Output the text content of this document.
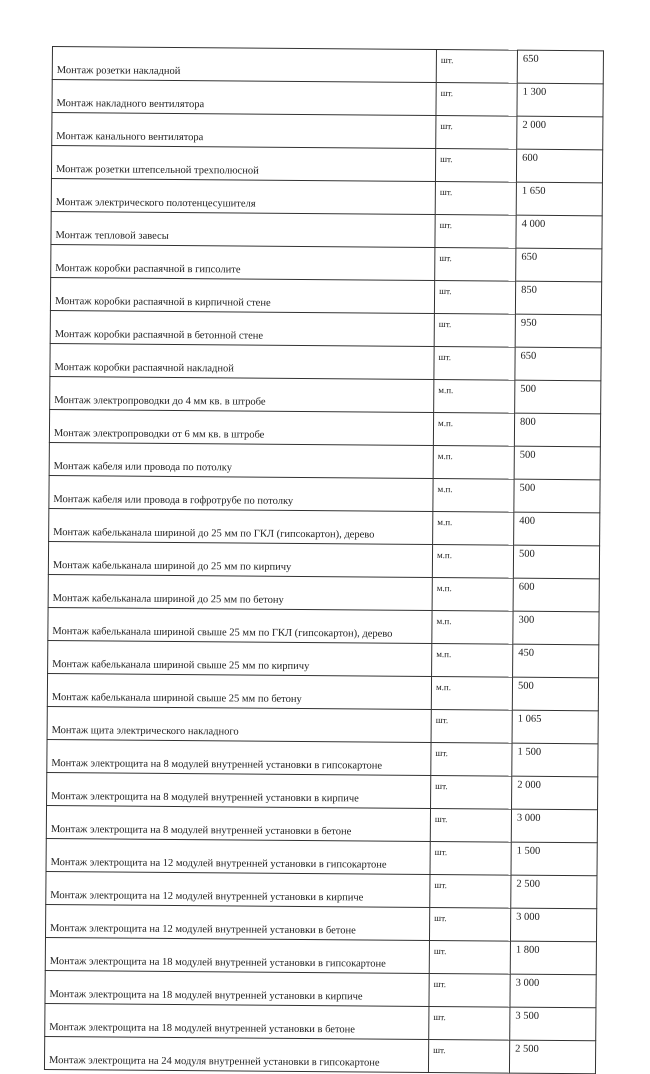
Монтаж розетки накладной	шт.	650
Монтаж накладного вентилятора	шт.	1 300
Монтаж канального вентилятора	шт.	2 000
Монтаж розетки штепсельной трехполюсной	шт.	600
Монтаж электрического полотенцесушителя	шт.	1 650
Монтаж тепловой завесы	шт.	4 000
Монтаж коробки распаячной в гипсолите	шт.	650
Монтаж коробки распаячной в кирпичной стене	шт.	850
Монтаж коробки распаячной в бетонной стене	шт.	950
Монтаж коробки распаячной накладной	шт.	650
Монтаж электропроводки до 4 мм кв. в штробе	м.п.	500
Монтаж электропроводки от 6 мм кв. в штробе	м.п.	800
Монтаж кабеля или провода по потолку	м.п.	500
Монтаж кабеля или провода в гофротрубе по потолку	м.п.	500
Монтаж кабельканала шириной до 25 мм по ГКЛ (гипсокартон), дерево	м.п.	400
Монтаж кабельканала шириной до 25 мм по кирпичу	м.п.	500
Монтаж кабельканала шириной до 25 мм по бетону	м.п.	600
Монтаж кабельканала шириной свыше 25 мм по ГКЛ (гипсокартон), дерево	м.п.	300
Монтаж кабельканала шириной свыше 25 мм по кирпичу	м.п.	450
Монтаж кабельканала шириной свыше 25 мм по бетону	м.п.	500
Монтаж щита электрического накладного	шт.	1 065
Монтаж электрощита на 8 модулей внутренней установки в гипсокартоне	шт.	1 500
Монтаж электрощита на 8 модулей внутренней установки в кирпиче	шт.	2 000
Монтаж электрощита на 8 модулей внутренней установки в бетоне	шт.	3 000
Монтаж электрощита на 12 модулей внутренней установки в гипсокартоне	шт.	1 500
Монтаж электрощита на 12 модулей внутренней установки в кирпиче	шт.	2 500
Монтаж электрощита на 12 модулей внутренней установки в бетоне	шт.	3 000
Монтаж электрощита на 18 модулей внутренней установки в гипсокартоне	шт.	1 800
Монтаж электрощита на 18 модулей внутренней установки в кирпиче	шт.	3 000
Монтаж электрощита на 18 модулей внутренней установки в бетоне	шт.	3 500
Монтаж электрощита на 24 модуля внутренней установки в гипсокартоне	шт.	2 500
